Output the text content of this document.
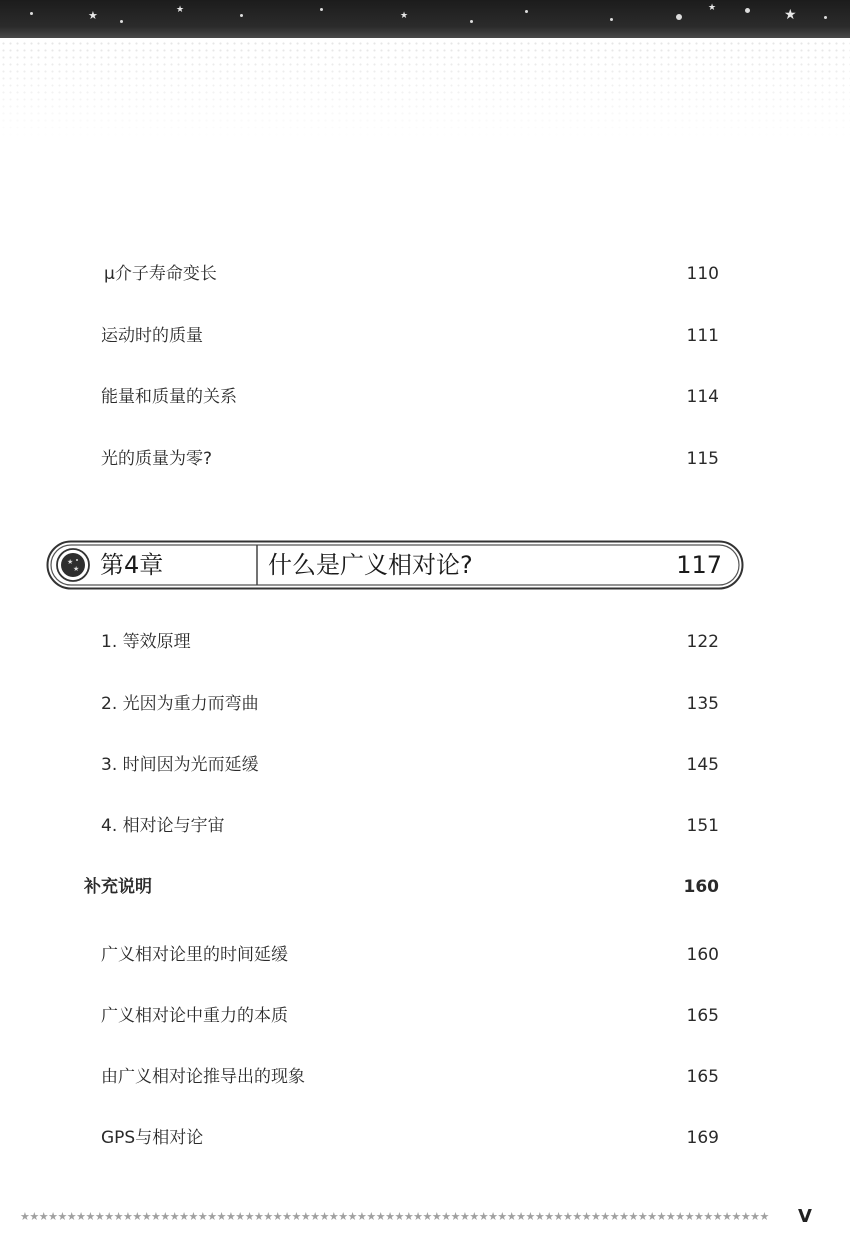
★	★
★
★	★
μ介子寿命变长	110
运动时的质量	111
能量和质量的关系	114
光的质量为零?	115
★
★ 第4章	什么是广义相对论?	117
1. 等效原理	122
2. 光因为重力而弯曲	135
3. 时间因为光而延缓	145
4. 相对论与宇宙	151
补充说明	160
广义相对论里的时间延缓	160
广义相对论中重力的本质	165
由广义相对论推导出的现象	165
GPS与相对论	169
★★★★★★★★★★★★★★★★★★★★★★★★★★★★★★★★★★★★★★★★★★★★★★★★★★★★★★★★★★★★★★★★★★★★★★★★★★★★★★★★	V
